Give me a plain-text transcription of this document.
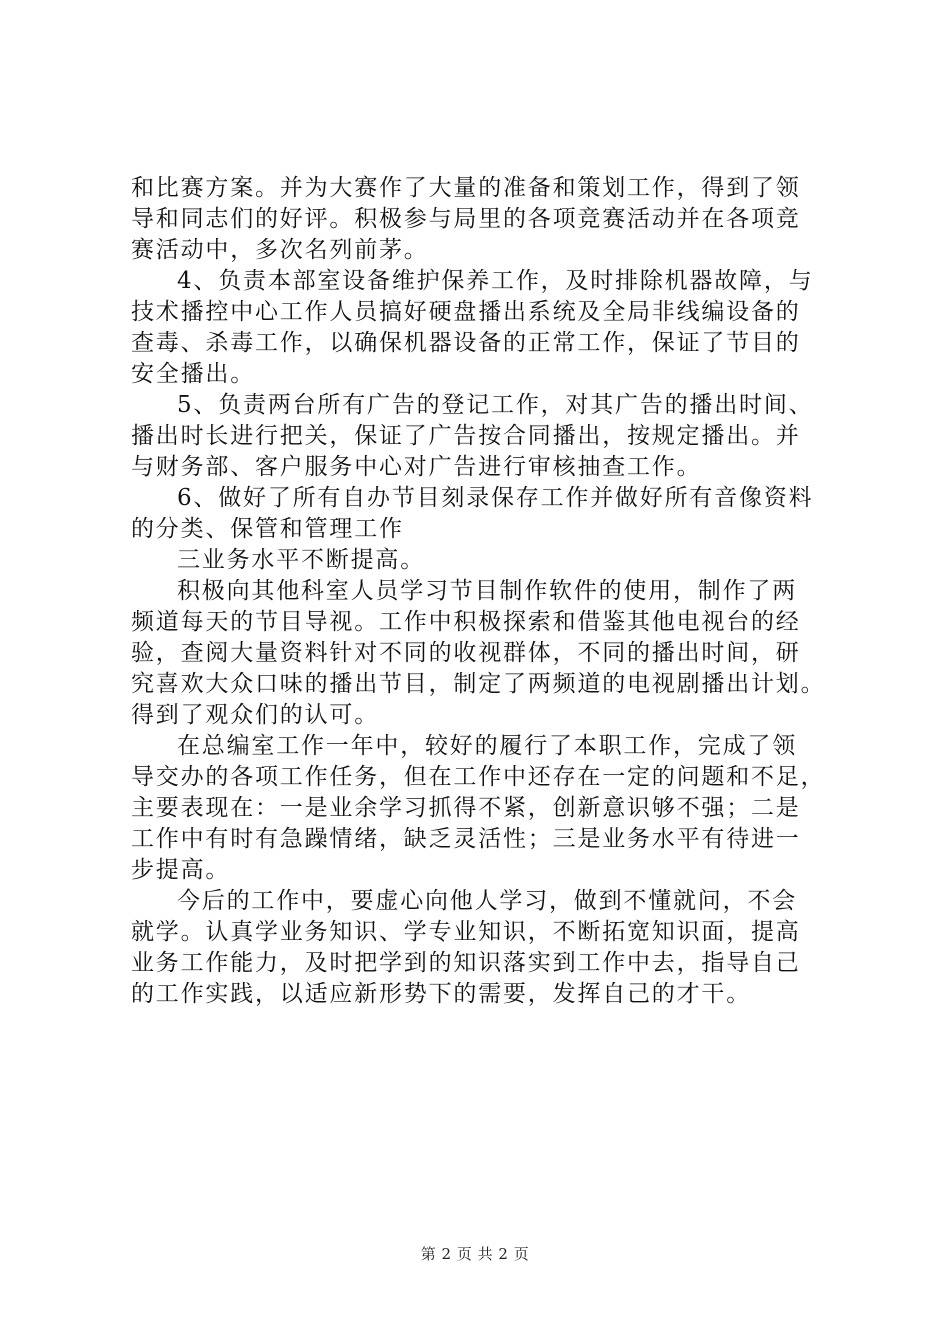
和比赛方案。并为大赛作了大量的准备和策划工作，得到了领
导和同志们的好评。积极参与局里的各项竞赛活动并在各项竞
赛活动中，多次名列前茅。
4、负责本部室设备维护保养工作，及时排除机器故障，与
技术播控中心工作人员搞好硬盘播出系统及全局非线编设备的
查毒、杀毒工作，以确保机器设备的正常工作，保证了节目的
安全播出。
5、负责两台所有广告的登记工作，对其广告的播出时间、
播出时长进行把关，保证了广告按合同播出，按规定播出。并
与财务部、客户服务中心对广告进行审核抽查工作。
6、做好了所有自办节目刻录保存工作并做好所有音像资料
的分类、保管和管理工作
三业务水平不断提高。
积极向其他科室人员学习节目制作软件的使用，制作了两
频道每天的节目导视。工作中积极探索和借鉴其他电视台的经
验，查阅大量资料针对不同的收视群体，不同的播出时间，研
究喜欢大众口味的播出节目，制定了两频道的电视剧播出计划。
得到了观众们的认可。
在总编室工作一年中，较好的履行了本职工作，完成了领
导交办的各项工作任务，但在工作中还存在一定的问题和不足，
主要表现在：一是业余学习抓得不紧，创新意识够不强；二是
工作中有时有急躁情绪，缺乏灵活性；三是业务水平有待进一
步提高。
今后的工作中，要虚心向他人学习，做到不懂就问，不会
就学。认真学业务知识、学专业知识，不断拓宽知识面，提高
业务工作能力，及时把学到的知识落实到工作中去，指导自己
的工作实践，以适应新形势下的需要，发挥自己的才干。
第 2 页 共 2 页
